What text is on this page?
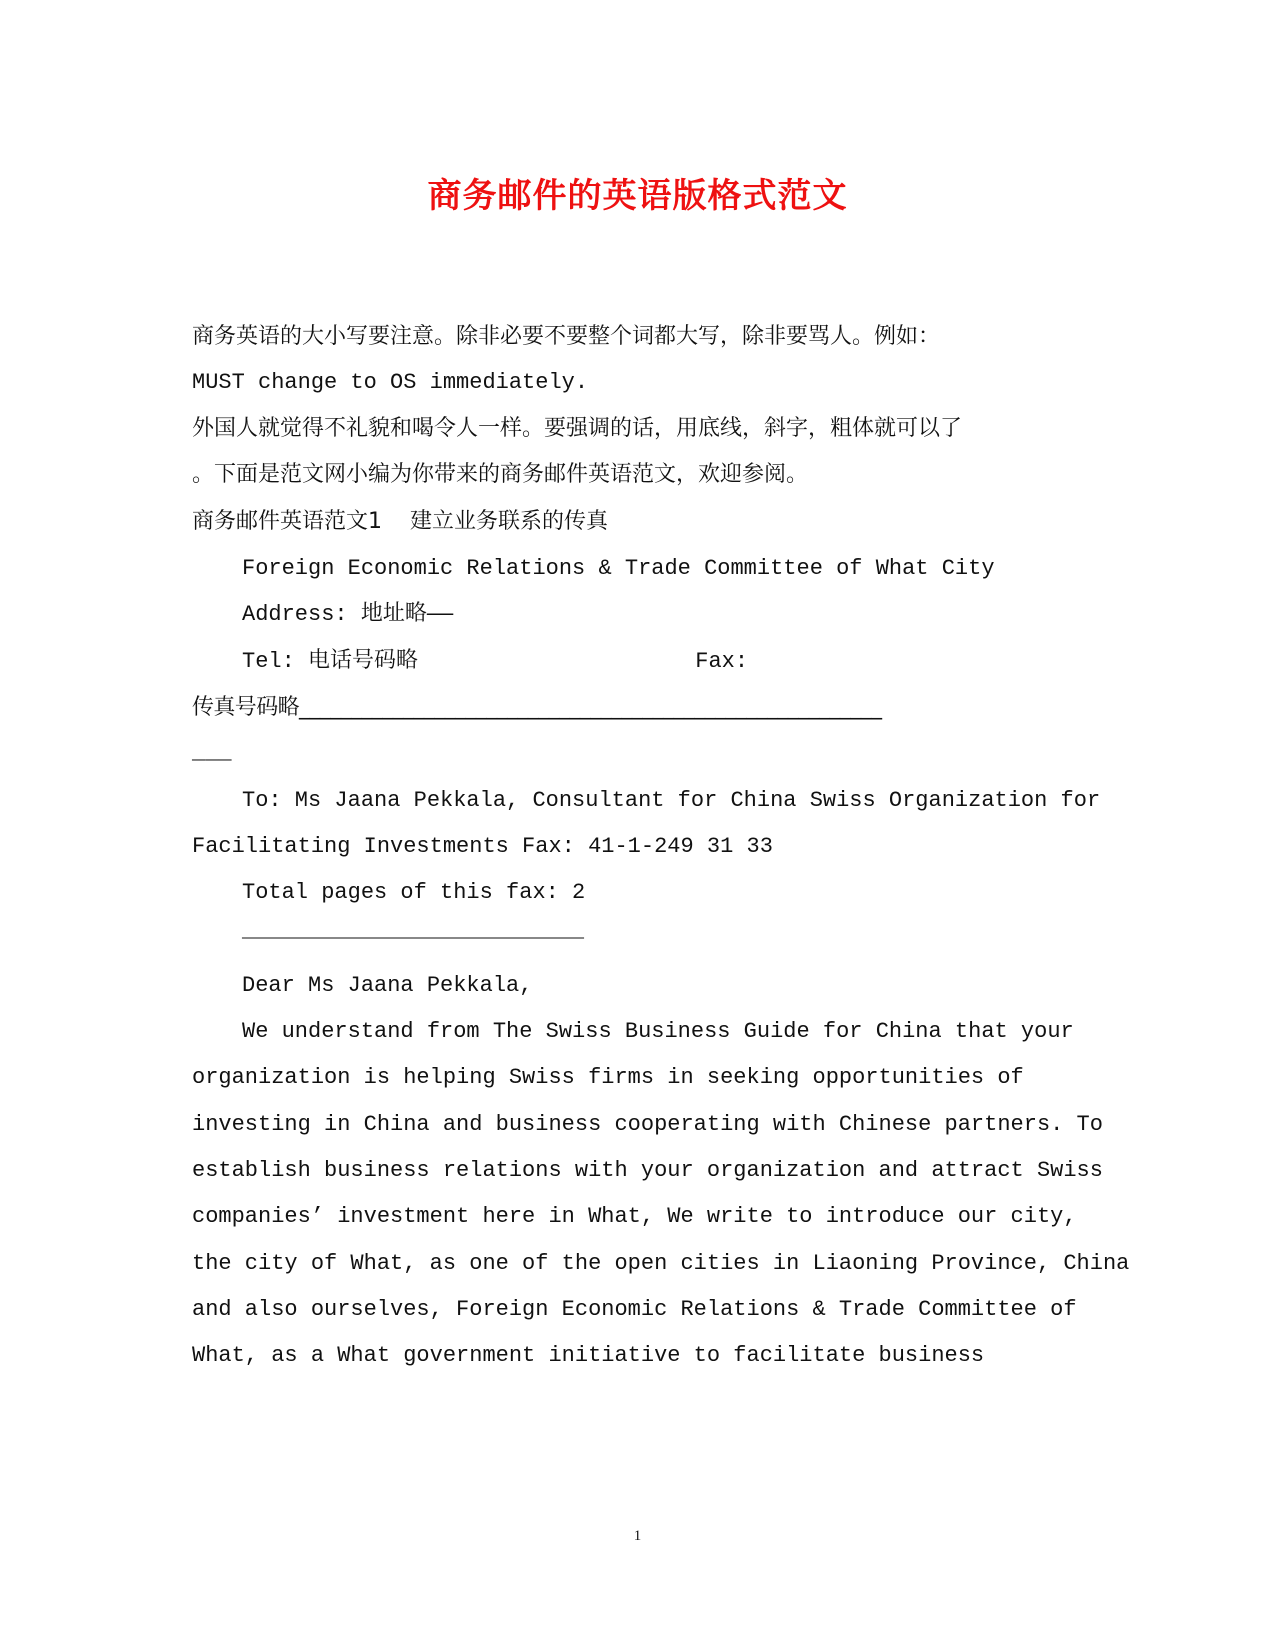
商务邮件的英语版格式范文
商务英语的大小写要注意。除非必要不要整个词都大写，除非要骂人。例如：
MUST change to OS immediately.
外国人就觉得不礼貌和喝令人一样。要强调的话，用底线，斜字，粗体就可以了
。下面是范文网小编为你带来的商务邮件英语范文，欢迎参阅。
商务邮件英语范文1    建立业务联系的传真
Foreign Economic Relations & Trade Committee of What City
Address: 地址略——
Tel: 电话号码略                     Fax:
传真号码略________________________________________________________
___
To: Ms Jaana Pekkala, Consultant for China Swiss Organization for
Facilitating Investments Fax: 41-1-249 31 33
Total pages of this fax: 2
——————————————————————————————————————
Dear Ms Jaana Pekkala,
We understand from The Swiss Business Guide for China that your
organization is helping Swiss firms in seeking opportunities of
investing in China and business cooperating with Chinese partners. To
establish business relations with your organization and attract Swiss
companies’ investment here in What, We write to introduce our city,
the city of What, as one of the open cities in Liaoning Province, China
and also ourselves, Foreign Economic Relations & Trade Committee of
What, as a What government initiative to facilitate business
1
